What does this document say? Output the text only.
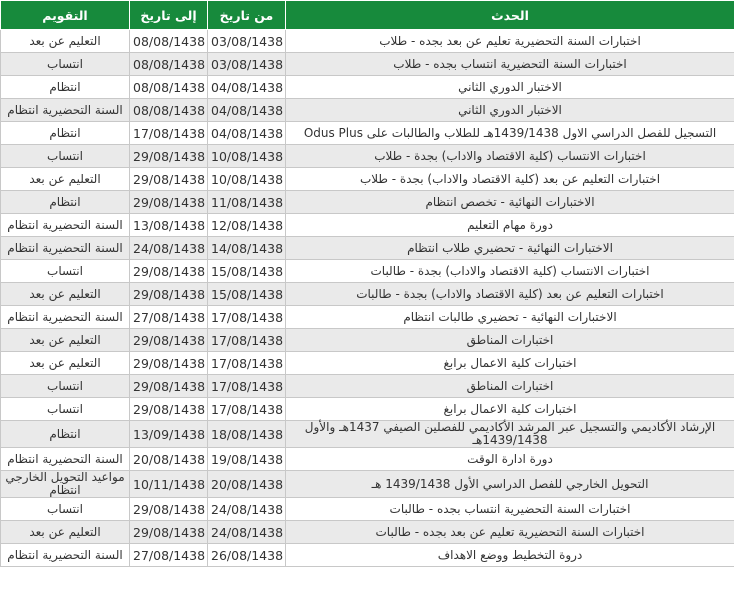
الحدث	من تاريخ	إلى تاريخ	التقويم
اختبارات السنة التحضيرية تعليم عن بعد بجده - طلاب	03/08/1438	08/08/1438	التعليم عن بعد
اختبارات السنة التحضيرية انتساب بجده - طلاب	03/08/1438	08/08/1438	انتساب
الاختبار الدوري الثاني	04/08/1438	08/08/1438	انتظام
الاختبار الدوري الثاني	04/08/1438	08/08/1438	السنة التحضيرية انتظام
التسجيل للفصل الدراسي الاول 1439/1438هـ للطلاب والطالبات على Odus Plus	04/08/1438	17/08/1438	انتظام
اختبارات الانتساب (كلية الاقتصاد والاداب) بجدة - طلاب	10/08/1438	29/08/1438	انتساب
اختبارات التعليم عن بعد (كلية الاقتصاد والاداب) بجدة - طلاب	10/08/1438	29/08/1438	التعليم عن بعد
الاختبارات النهائية - تخصص انتظام	11/08/1438	29/08/1438	انتظام
دورة مهام التعليم	12/08/1438	13/08/1438	السنة التحضيرية انتظام
الاختبارات النهائية - تحضيري طلاب انتظام	14/08/1438	24/08/1438	السنة التحضيرية انتظام
اختبارات الانتساب (كلية الاقتصاد والاداب) بجدة - طالبات	15/08/1438	29/08/1438	انتساب
اختبارات التعليم عن بعد (كلية الاقتصاد والاداب) بجدة - طالبات	15/08/1438	29/08/1438	التعليم عن بعد
الاختبارات النهائية - تحضيري طالبات انتظام	17/08/1438	27/08/1438	السنة التحضيرية انتظام
اختبارات المناطق	17/08/1438	29/08/1438	التعليم عن بعد
اختبارات كلية الاعمال برابغ	17/08/1438	29/08/1438	التعليم عن بعد
اختبارات المناطق	17/08/1438	29/08/1438	انتساب
اختبارات كلية الاعمال برابغ	17/08/1438	29/08/1438	انتساب
الإرشاد الأكاديمي والتسجيل عبر المرشد الأكاديمي للفصلين الصيفي 1437هـ والأول 1439/1438هـ	18/08/1438	13/09/1438	انتظام
دورة ادارة الوقت	19/08/1438	20/08/1438	السنة التحضيرية انتظام
التحويل الخارجي للفصل الدراسي الأول 1439/1438 هـ	20/08/1438	10/11/1438	مواعيد التحويل الخارجي انتظام
اختبارات السنة التحضيرية انتساب بجده - طالبات	24/08/1438	29/08/1438	انتساب
اختبارات السنة التحضيرية تعليم عن بعد بجده - طالبات	24/08/1438	29/08/1438	التعليم عن بعد
دروة التخطيط ووضع الاهداف	26/08/1438	27/08/1438	السنة التحضيرية انتظام
